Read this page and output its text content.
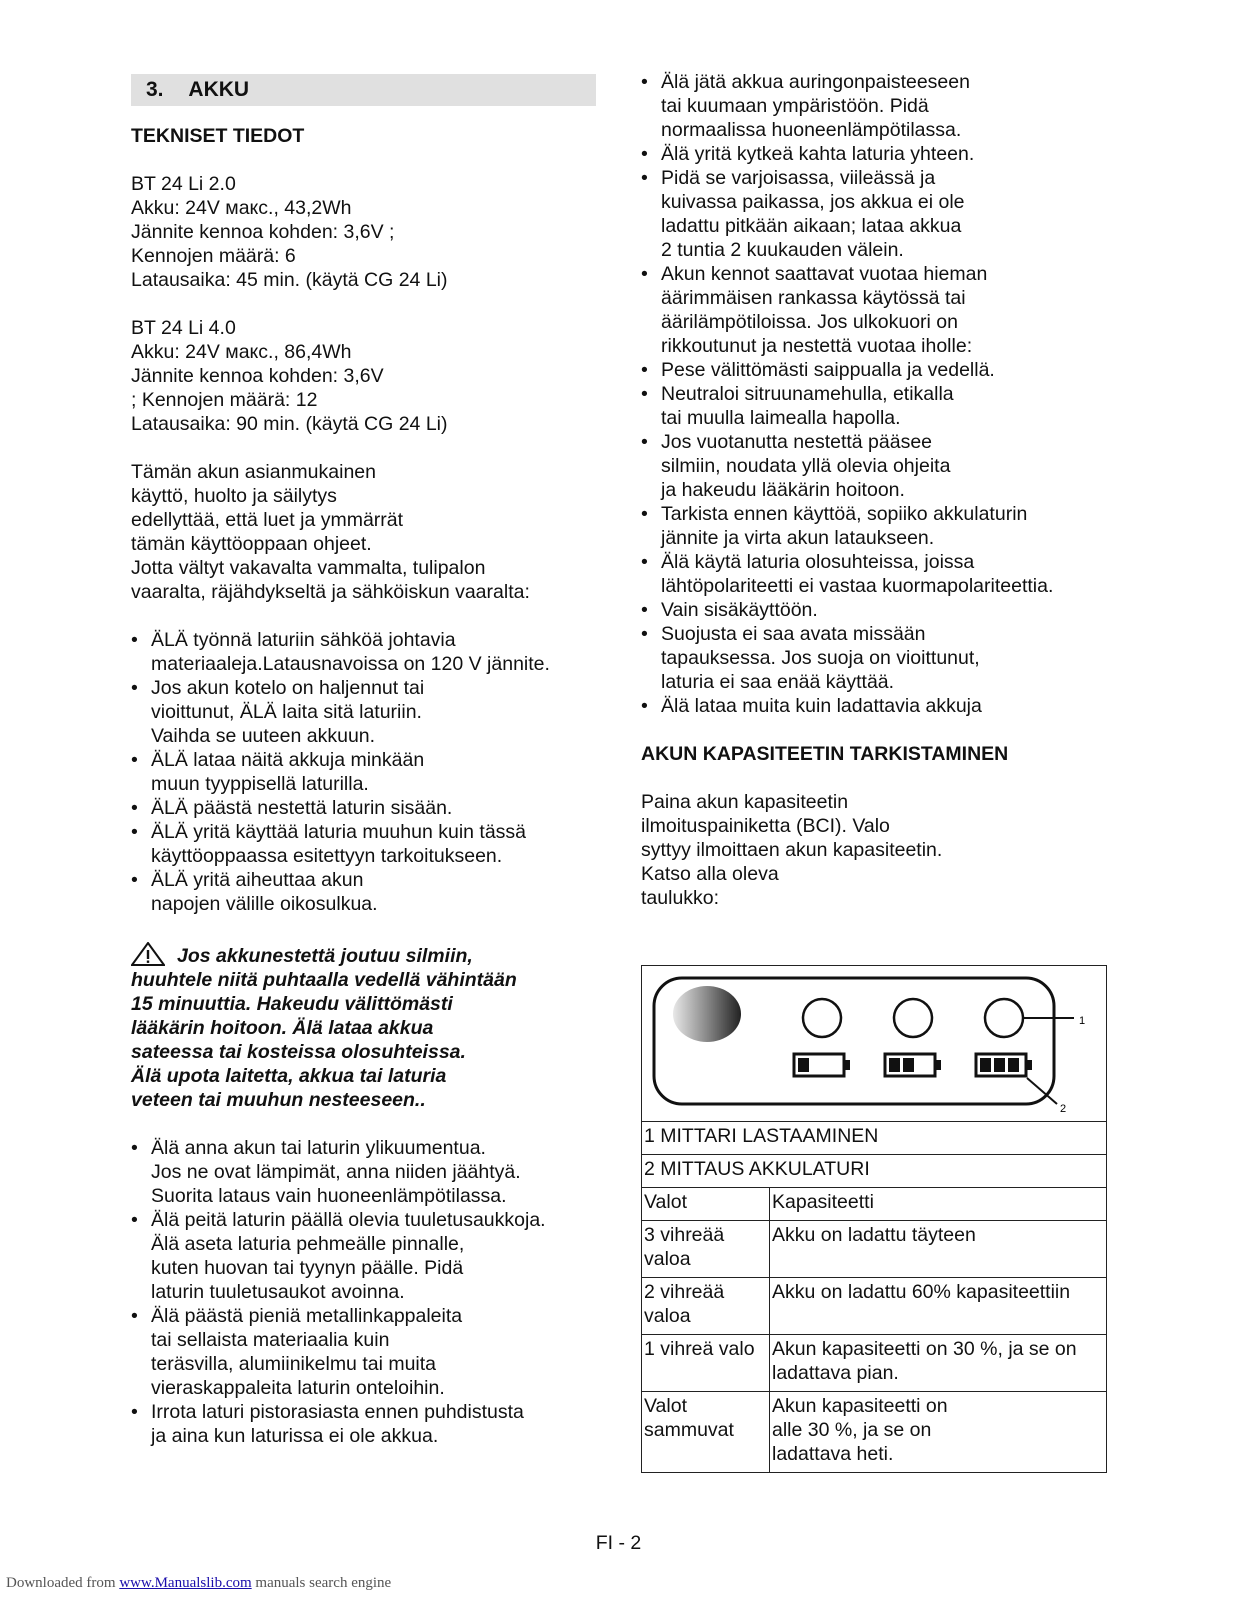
3. AKKU
TEKNISET TIEDOT
BT 24 Li 2.0
Akku: 24V макс., 43,2Wh
Jännite kennoa kohden: 3,6V ;
Kennojen määrä: 6
Latausaika: 45 min. (käytä CG 24 Li)
BT 24 Li 4.0
Akku: 24V макс., 86,4Wh
Jännite kennoa kohden: 3,6V
; Kennojen määrä: 12
Latausaika: 90 min. (käytä CG 24 Li)
Tämän akun asianmukainen
käyttö, huolto ja säilytys
edellyttää, että luet ja ymmärrät
tämän käyttöoppaan ohjeet.
Jotta vältyt vakavalta vammalta, tulipalon
vaaralta, räjähdykseltä ja sähköiskun vaaralta:
• ÄLÄ työnnä laturiin sähköä johtavia
materiaaleja.Latausnavoissa on 120 V jännite.
• Jos akun kotelo on haljennut tai
vioittunut, ÄLÄ laita sitä laturiin.
Vaihda se uuteen akkuun.
• ÄLÄ lataa näitä akkuja minkään
muun tyyppisellä laturilla.
• ÄLÄ päästä nestettä laturin sisään.
• ÄLÄ yritä käyttää laturia muuhun kuin tässä
käyttöoppaassa esitettyyn tarkoitukseen.
• ÄLÄ yritä aiheuttaa akun
napojen välille oikosulkua.
Jos akkunestettä joutuu silmiin,
huuhtele niitä puhtaalla vedellä vähintään
15 minuuttia. Hakeudu välittömästi
lääkärin hoitoon. Älä lataa akkua
sateessa tai kosteissa olosuhteissa.
Älä upota laitetta, akkua tai laturia
veteen tai muuhun nesteeseen..
• Älä anna akun tai laturin ylikuumentua.
Jos ne ovat lämpimät, anna niiden jäähtyä.
Suorita lataus vain huoneenlämpötilassa.
• Älä peitä laturin päällä olevia tuuletusaukkoja.
Älä aseta laturia pehmeälle pinnalle,
kuten huovan tai tyynyn päälle. Pidä
laturin tuuletusaukot avoinna.
• Älä päästä pieniä metallinkappaleita
tai sellaista materiaalia kuin
teräsvilla, alumiinikelmu tai muita
vieraskappaleita laturin onteloihin.
• Irrota laturi pistorasiasta ennen puhdistusta
ja aina kun laturissa ei ole akkua.
• Älä jätä akkua auringonpaisteeseen
tai kuumaan ympäristöön. Pidä
normaalissa huoneenlämpötilassa.
• Älä yritä kytkeä kahta laturia yhteen.
• Pidä se varjoisassa, viileässä ja
kuivassa paikassa, jos akkua ei ole
ladattu pitkään aikaan; lataa akkua
2 tuntia 2 kuukauden välein.
• Akun kennot saattavat vuotaa hieman
äärimmäisen rankassa käytössä tai
äärilämpötiloissa. Jos ulkokuori on
rikkoutunut ja nestettä vuotaa iholle:
• Pese välittömästi saippualla ja vedellä.
• Neutraloi sitruunamehulla, etikalla
tai muulla laimealla hapolla.
• Jos vuotanutta nestettä pääsee
silmiin, noudata yllä olevia ohjeita
ja hakeudu lääkärin hoitoon.
• Tarkista ennen käyttöä, sopiiko akkulaturin
jännite ja virta akun lataukseen.
• Älä käytä laturia olosuhteissa, joissa
lähtöpolariteetti ei vastaa kuormapolariteettia.
• Vain sisäkäyttöön.
• Suojusta ei saa avata missään
tapauksessa. Jos suoja on vioittunut,
laturia ei saa enää käyttää.
• Älä lataa muita kuin ladattavia akkuja
AKUN KAPASITEETIN TARKISTAMINEN
Paina akun kapasiteetin
ilmoituspainiketta (BCI). Valo
syttyy ilmoittaen akun kapasiteetin.
Katso alla oleva
taulukko:
1
2	

1 MITTARI LASTAAMINEN	
2 MITTAUS AKKULATURI	
Valot	Kapasiteetti

3 vihreää
valoa	Akku on ladattu täyteen

2 vihreää
valoa	Akku on ladattu 60% kapasiteettiin

1 vihreä valo	Akun kapasiteetti on 30 %, ja se on
ladattava pian.

Valot
sammuvat	Akun kapasiteetti on
alle 30 %, ja se on
ladattava heti.
FI - 2
Downloaded from www.Manualslib.com manuals search engine
